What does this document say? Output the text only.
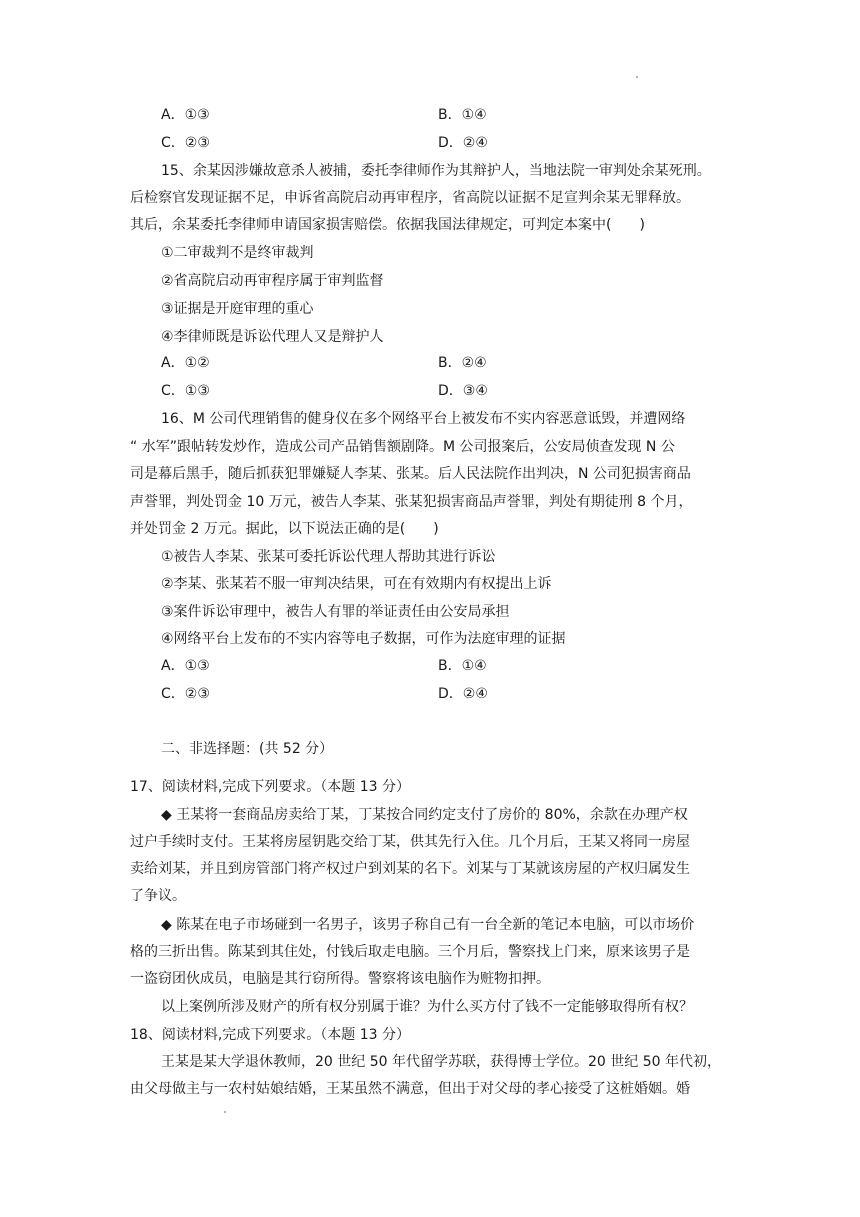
A．①③	B．①④
C．②③	D．②④
15、余某因涉嫌故意杀人被捕，委托李律师作为其辩护人，当地法院一审判处余某死刑。
后检察官发现证据不足，申诉省高院启动再审程序，省高院以证据不足宣判余某无罪释放。
其后，余某委托李律师申请国家损害赔偿。依据我国法律规定，可判定本案中(　　)
①二审裁判不是终审裁判
②省高院启动再审程序属于审判监督
③证据是开庭审理的重心
④李律师既是诉讼代理人又是辩护人
A．①②	B．②④
C．①③	D．③④
16、M 公司代理销售的健身仪在多个网络平台上被发布不实内容恶意诋毁，并遭网络
“ 水军”跟帖转发炒作，造成公司产品销售额剧降。M 公司报案后，公安局侦查发现 N 公
司是幕后黑手，随后抓获犯罪嫌疑人李某、张某。后人民法院作出判决，N 公司犯损害商品
声誉罪，判处罚金 10 万元，被告人李某、张某犯损害商品声誉罪，判处有期徒刑 8 个月，
并处罚金 2 万元。据此，以下说法正确的是(　　)
①被告人李某、张某可委托诉讼代理人帮助其进行诉讼
②李某、张某若不服一审判决结果，可在有效期内有权提出上诉
③案件诉讼审理中，被告人有罪的举证责任由公安局承担
④网络平台上发布的不实内容等电子数据，可作为法庭审理的证据
A．①③	B．①④
C．②③	D．②④
二、非选择题：(共 52 分）
17、阅读材料,完成下列要求。（本题 13 分）
◆ 王某将一套商品房卖给丁某，丁某按合同约定支付了房价的 80%，余款在办理产权
过户手续时支付。王某将房屋钥匙交给丁某，供其先行入住。几个月后，王某又将同一房屋
卖给刘某，并且到房管部门将产权过户到刘某的名下。刘某与丁某就该房屋的产权归属发生
了争议。
◆ 陈某在电子市场碰到一名男子，该男子称自己有一台全新的笔记本电脑，可以市场价
格的三折出售。陈某到其住处，付钱后取走电脑。三个月后，警察找上门来，原来该男子是
一盗窃团伙成员，电脑是其行窃所得。警察将该电脑作为赃物扣押。
以上案例所涉及财产的所有权分别属于谁？为什么买方付了钱不一定能够取得所有权？
18、阅读材料,完成下列要求。（本题 13 分）
王某是某大学退休教师，20 世纪 50 年代留学苏联，获得博士学位。20 世纪 50 年代初，
由父母做主与一农村姑娘结婚，王某虽然不满意，但出于对父母的孝心接受了这桩婚姻。婚
